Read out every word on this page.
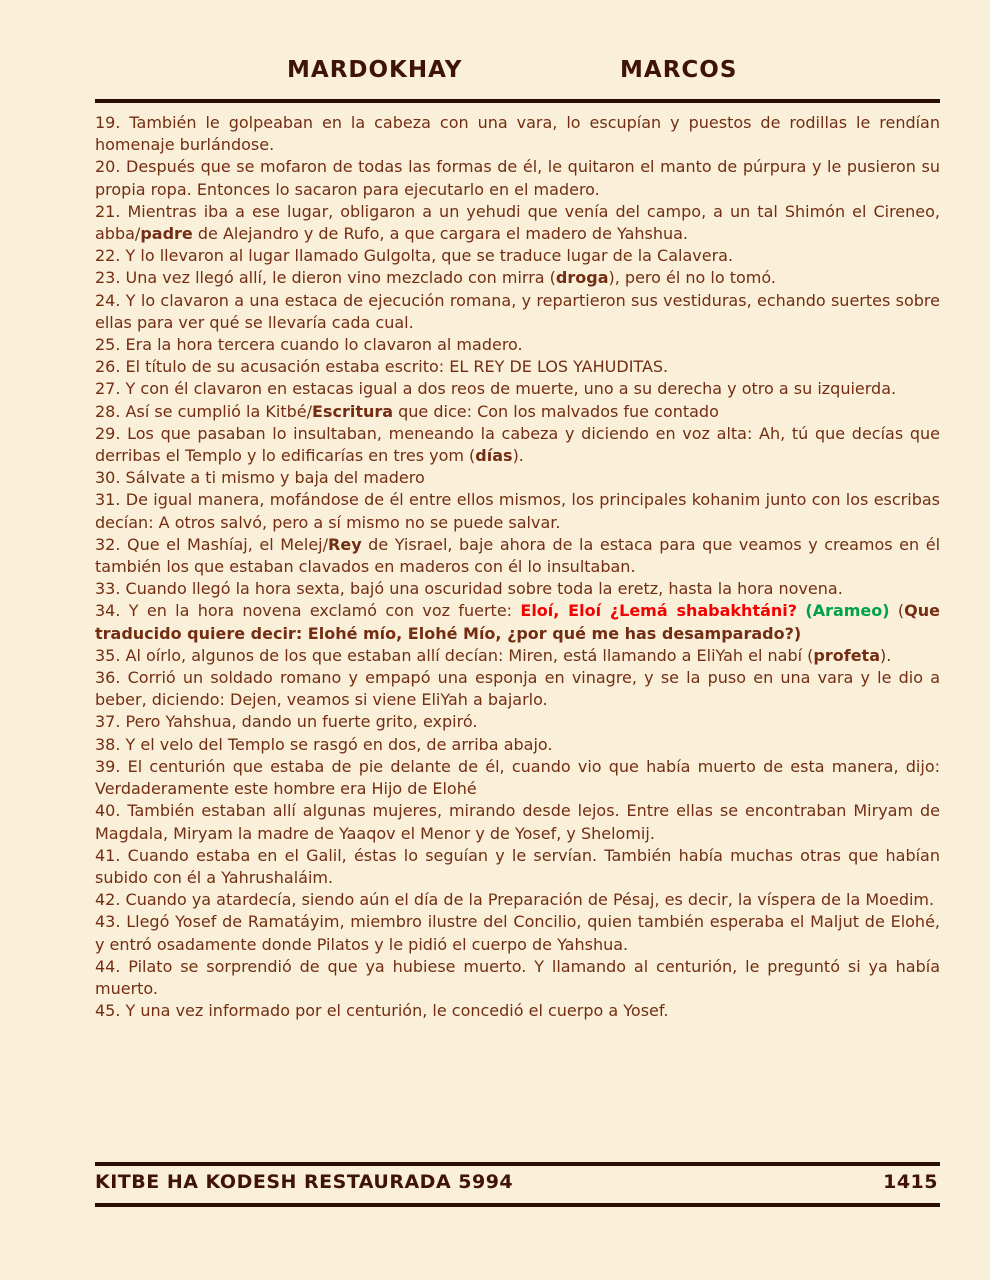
MARDOKHAY	MARCOS

19. También le golpeaban en la cabeza con una vara, lo escupían y puestos de rodillas le rendían homenaje burlándose.

20. Después que se mofaron de todas las formas de él, le quitaron el manto de púrpura y le pusieron su propia ropa. Entonces lo sacaron para ejecutarlo en el madero.

21. Mientras iba a ese lugar, obligaron a un yehudi que venía del campo, a un tal Shimón el Cireneo, abba/padre de Alejandro y de Rufo, a que cargara el madero de Yahshua.

22. Y lo llevaron al lugar llamado Gulgolta, que se traduce lugar de la Calavera.

23. Una vez llegó allí, le dieron vino mezclado con mirra (droga), pero él no lo tomó.

24. Y lo clavaron a una estaca de ejecución romana, y repartieron sus vestiduras, echando suertes sobre ellas para ver qué se llevaría cada cual.

25. Era la hora tercera cuando lo clavaron al madero.

26. El título de su acusación estaba escrito: EL REY DE LOS YAHUDITAS.

27. Y con él clavaron en estacas igual a dos reos de muerte, uno a su derecha y otro a su izquierda.

28. Así se cumplió la Kitbé/Escritura que dice: Con los malvados fue contado

29. Los que pasaban lo insultaban, meneando la cabeza y diciendo en voz alta: Ah, tú que decías que derribas el Templo y lo edificarías en tres yom (días).

30. Sálvate a ti mismo y baja del madero

31. De igual manera, mofándose de él entre ellos mismos, los principales kohanim junto con los escribas decían: A otros salvó, pero a sí mismo no se puede salvar.

32. Que el Mashíaj, el Melej/Rey de Yisrael, baje ahora de la estaca para que veamos y creamos en él también los que estaban clavados en maderos con él lo insultaban.

33. Cuando llegó la hora sexta, bajó una oscuridad sobre toda la eretz, hasta la hora novena.

34. Y en la hora novena exclamó con voz fuerte: Eloí, Eloí ¿Lemá shabakhtáni? (Arameo) (Que traducido quiere decir: Elohé mío, Elohé Mío, ¿por qué me has desamparado?)

35. Al oírlo, algunos de los que estaban allí decían: Miren, está llamando a EliYah el nabí (profeta).

36. Corrió un soldado romano y empapó una esponja en vinagre, y se la puso en una vara y le dio a beber, diciendo: Dejen, veamos si viene EliYah a bajarlo.

37. Pero Yahshua, dando un fuerte grito, expiró.

38. Y el velo del Templo se rasgó en dos, de arriba abajo.

39. El centurión que estaba de pie delante de él, cuando vio que había muerto de esta manera, dijo: Verdaderamente este hombre era Hijo de Elohé

40. También estaban allí algunas mujeres, mirando desde lejos. Entre ellas se encontraban Miryam de Magdala, Miryam la madre de Yaaqov el Menor y de Yosef, y Shelomij.

41. Cuando estaba en el Galil, éstas lo seguían y le servían. También había muchas otras que habían subido con él a Yahrushaláim.

42. Cuando ya atardecía, siendo aún el día de la Preparación de Pésaj, es decir, la víspera de la Moedim.

43. Llegó Yosef de Ramatáyim, miembro ilustre del Concilio, quien también esperaba el Maljut de Elohé, y entró osadamente donde Pilatos y le pidió el cuerpo de Yahshua.

44. Pilato se sorprendió de que ya hubiese muerto. Y llamando al centurión, le preguntó si ya había muerto.

45. Y una vez informado por el centurión, le concedió el cuerpo a Yosef.

KITBE HA KODESH RESTAURADA 5994	1415
